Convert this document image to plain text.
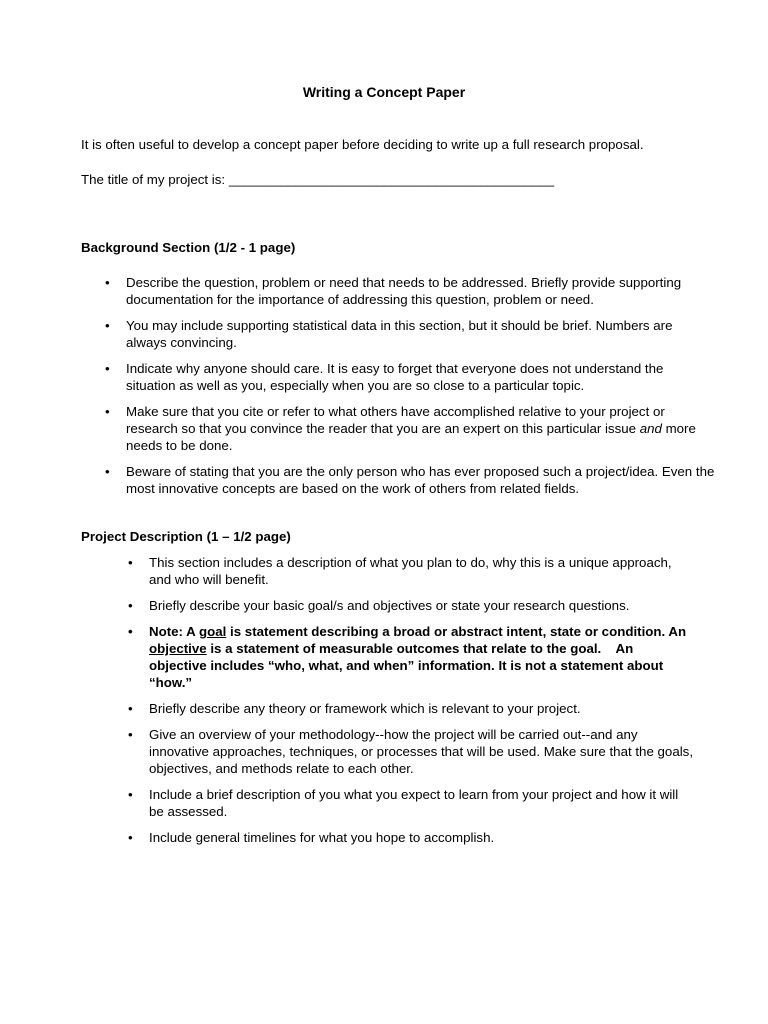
Writing a Concept Paper
It is often useful to develop a concept paper before deciding to write up a full research proposal.
The title of my project is: ____________________________________________
Background Section (1/2 - 1 page)
• Describe the question, problem or need that needs to be addressed. Briefly provide supporting documentation for the importance of addressing this question, problem or need.
• You may include supporting statistical data in this section, but it should be brief. Numbers are always convincing.
• Indicate why anyone should care. It is easy to forget that everyone does not understand the situation as well as you, especially when you are so close to a particular topic.
• Make sure that you cite or refer to what others have accomplished relative to your project or research so that you convince the reader that you are an expert on this particular issue and more needs to be done.
• Beware of stating that you are the only person who has ever proposed such a project/idea. Even the most innovative concepts are based on the work of others from related fields.
Project Description (1 – 1/2 page)
• This section includes a description of what you plan to do, why this is a unique approach, and who will benefit.
• Briefly describe your basic goal/s and objectives or state your research questions.
• Note: A goal is statement describing a broad or abstract intent, state or condition. An objective is a statement of measurable outcomes that relate to the goal.    An objective includes “who, what, and when” information. It is not a statement about “how.”
• Briefly describe any theory or framework which is relevant to your project.
• Give an overview of your methodology--how the project will be carried out--and any innovative approaches, techniques, or processes that will be used. Make sure that the goals, objectives, and methods relate to each other.
• Include a brief description of you what you expect to learn from your project and how it will be assessed.
• Include general timelines for what you hope to accomplish.
